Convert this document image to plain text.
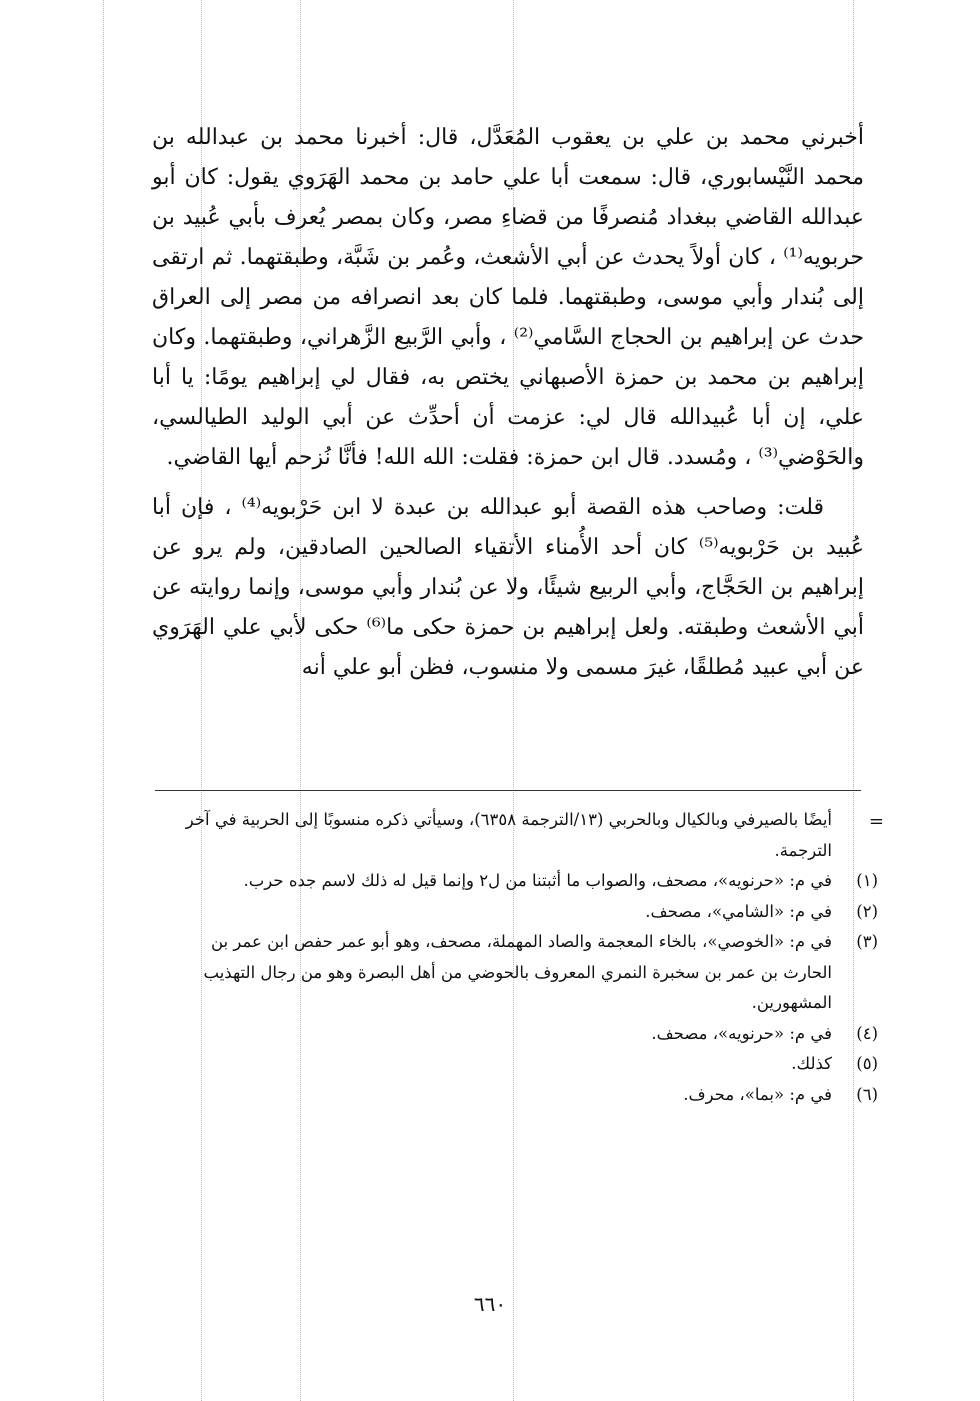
أخبرني محمد بن علي بن يعقوب المُعَدَّل، قال: أخبرنا محمد بن عبدالله بن محمد النَّيْسابوري، قال: سمعت أبا علي حامد بن محمد الهَرَوي يقول: كان أبو عبدالله القاضي ببغداد مُنصرفًا من قضاءِ مصر، وكان بمصر يُعرف بأبي عُبيد بن حربويه⁽¹⁾ ، كان أولاً يحدث عن أبي الأشعث، وعُمر بن شَبَّة، وطبقتهما. ثم ارتقى إلى بُندار وأبي موسى، وطبقتهما. فلما كان بعد انصرافه من مصر إلى العراق حدث عن إبراهيم بن الحجاج السَّامي⁽²⁾ ، وأبي الرَّبيع الزَّهراني، وطبقتهما. وكان إبراهيم بن محمد بن حمزة الأصبهاني يختص به، فقال لي إبراهيم يومًا: يا أبا علي، إن أبا عُبيدالله قال لي: عزمت أن أحدِّث عن أبي الوليد الطيالسي، والحَوْضي⁽³⁾ ، ومُسدد. قال ابن حمزة: فقلت: الله الله! فأنَّا نُزحم أيها القاضي.

قلت: وصاحب هذه القصة أبو عبدالله بن عبدة لا ابن حَرْبويه⁽⁴⁾ ، فإن أبا عُبيد بن حَرْبويه⁽⁵⁾ كان أحد الأُمناء الأتقياء الصالحين الصادقين، ولم يرو عن إبراهيم بن الحَجَّاج، وأبي الربيع شيئًا، ولا عن بُندار وأبي موسى، وإنما روايته عن أبي الأشعث وطبقته. ولعل إبراهيم بن حمزة حكى ما⁽⁶⁾ حكى لأبي علي الهَرَوي عن أبي عبيد مُطلقًا، غيرَ مسمى ولا منسوب، فظن أبو علي أنه

=
أيضًا بالصيرفي وبالكيال وبالحربي (١٣/الترجمة ٦٣٥٨)، وسيأتي ذكره منسوبًا إلى الحربية في آخر الترجمة.
(١)
في م: «حرنويه»، مصحف، والصواب ما أثبتنا من ل٢ وإنما قيل له ذلك لاسم جده حرب.
(٢)
في م: «الشامي»، مصحف.
(٣)
في م: «الخوصي»، بالخاء المعجمة والصاد المهملة، مصحف، وهو أبو عمر حفص ابن عمر بن الحارث بن عمر بن سخبرة النمري المعروف بالحوضي من أهل البصرة وهو من رجال التهذيب المشهورين.
(٤)
في م: «حرنويه»، مصحف.
(٥)
كذلك.
(٦)
في م: «بما»، محرف.
٦٦٠
